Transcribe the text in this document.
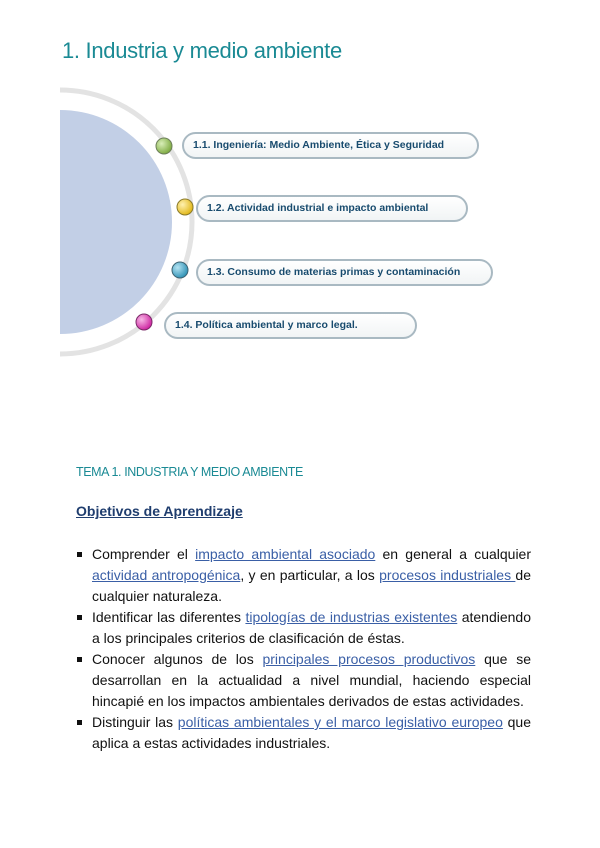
1. Industria y medio ambiente
1.1. Ingeniería: Medio Ambiente, Ética y Seguridad
1.2. Actividad industrial e impacto ambiental
1.3. Consumo de materias primas y contaminación
1.4. Política ambiental y marco legal.
TEMA 1. INDUSTRIA Y MEDIO AMBIENTE
Objetivos de Aprendizaje
Comprender el impacto ambiental asociado en general a cualquier actividad antropogénica, y en particular, a los procesos industriales de cualquier naturaleza.
Identificar las diferentes tipologías de industrias existentes atendiendo a los principales criterios de clasificación de éstas.
Conocer algunos de los principales procesos productivos que se desarrollan en la actualidad a nivel mundial, haciendo especial hincapié en los impactos ambientales derivados de estas actividades.
Distinguir las políticas ambientales y el marco legislativo europeo que aplica a estas actividades industriales.
